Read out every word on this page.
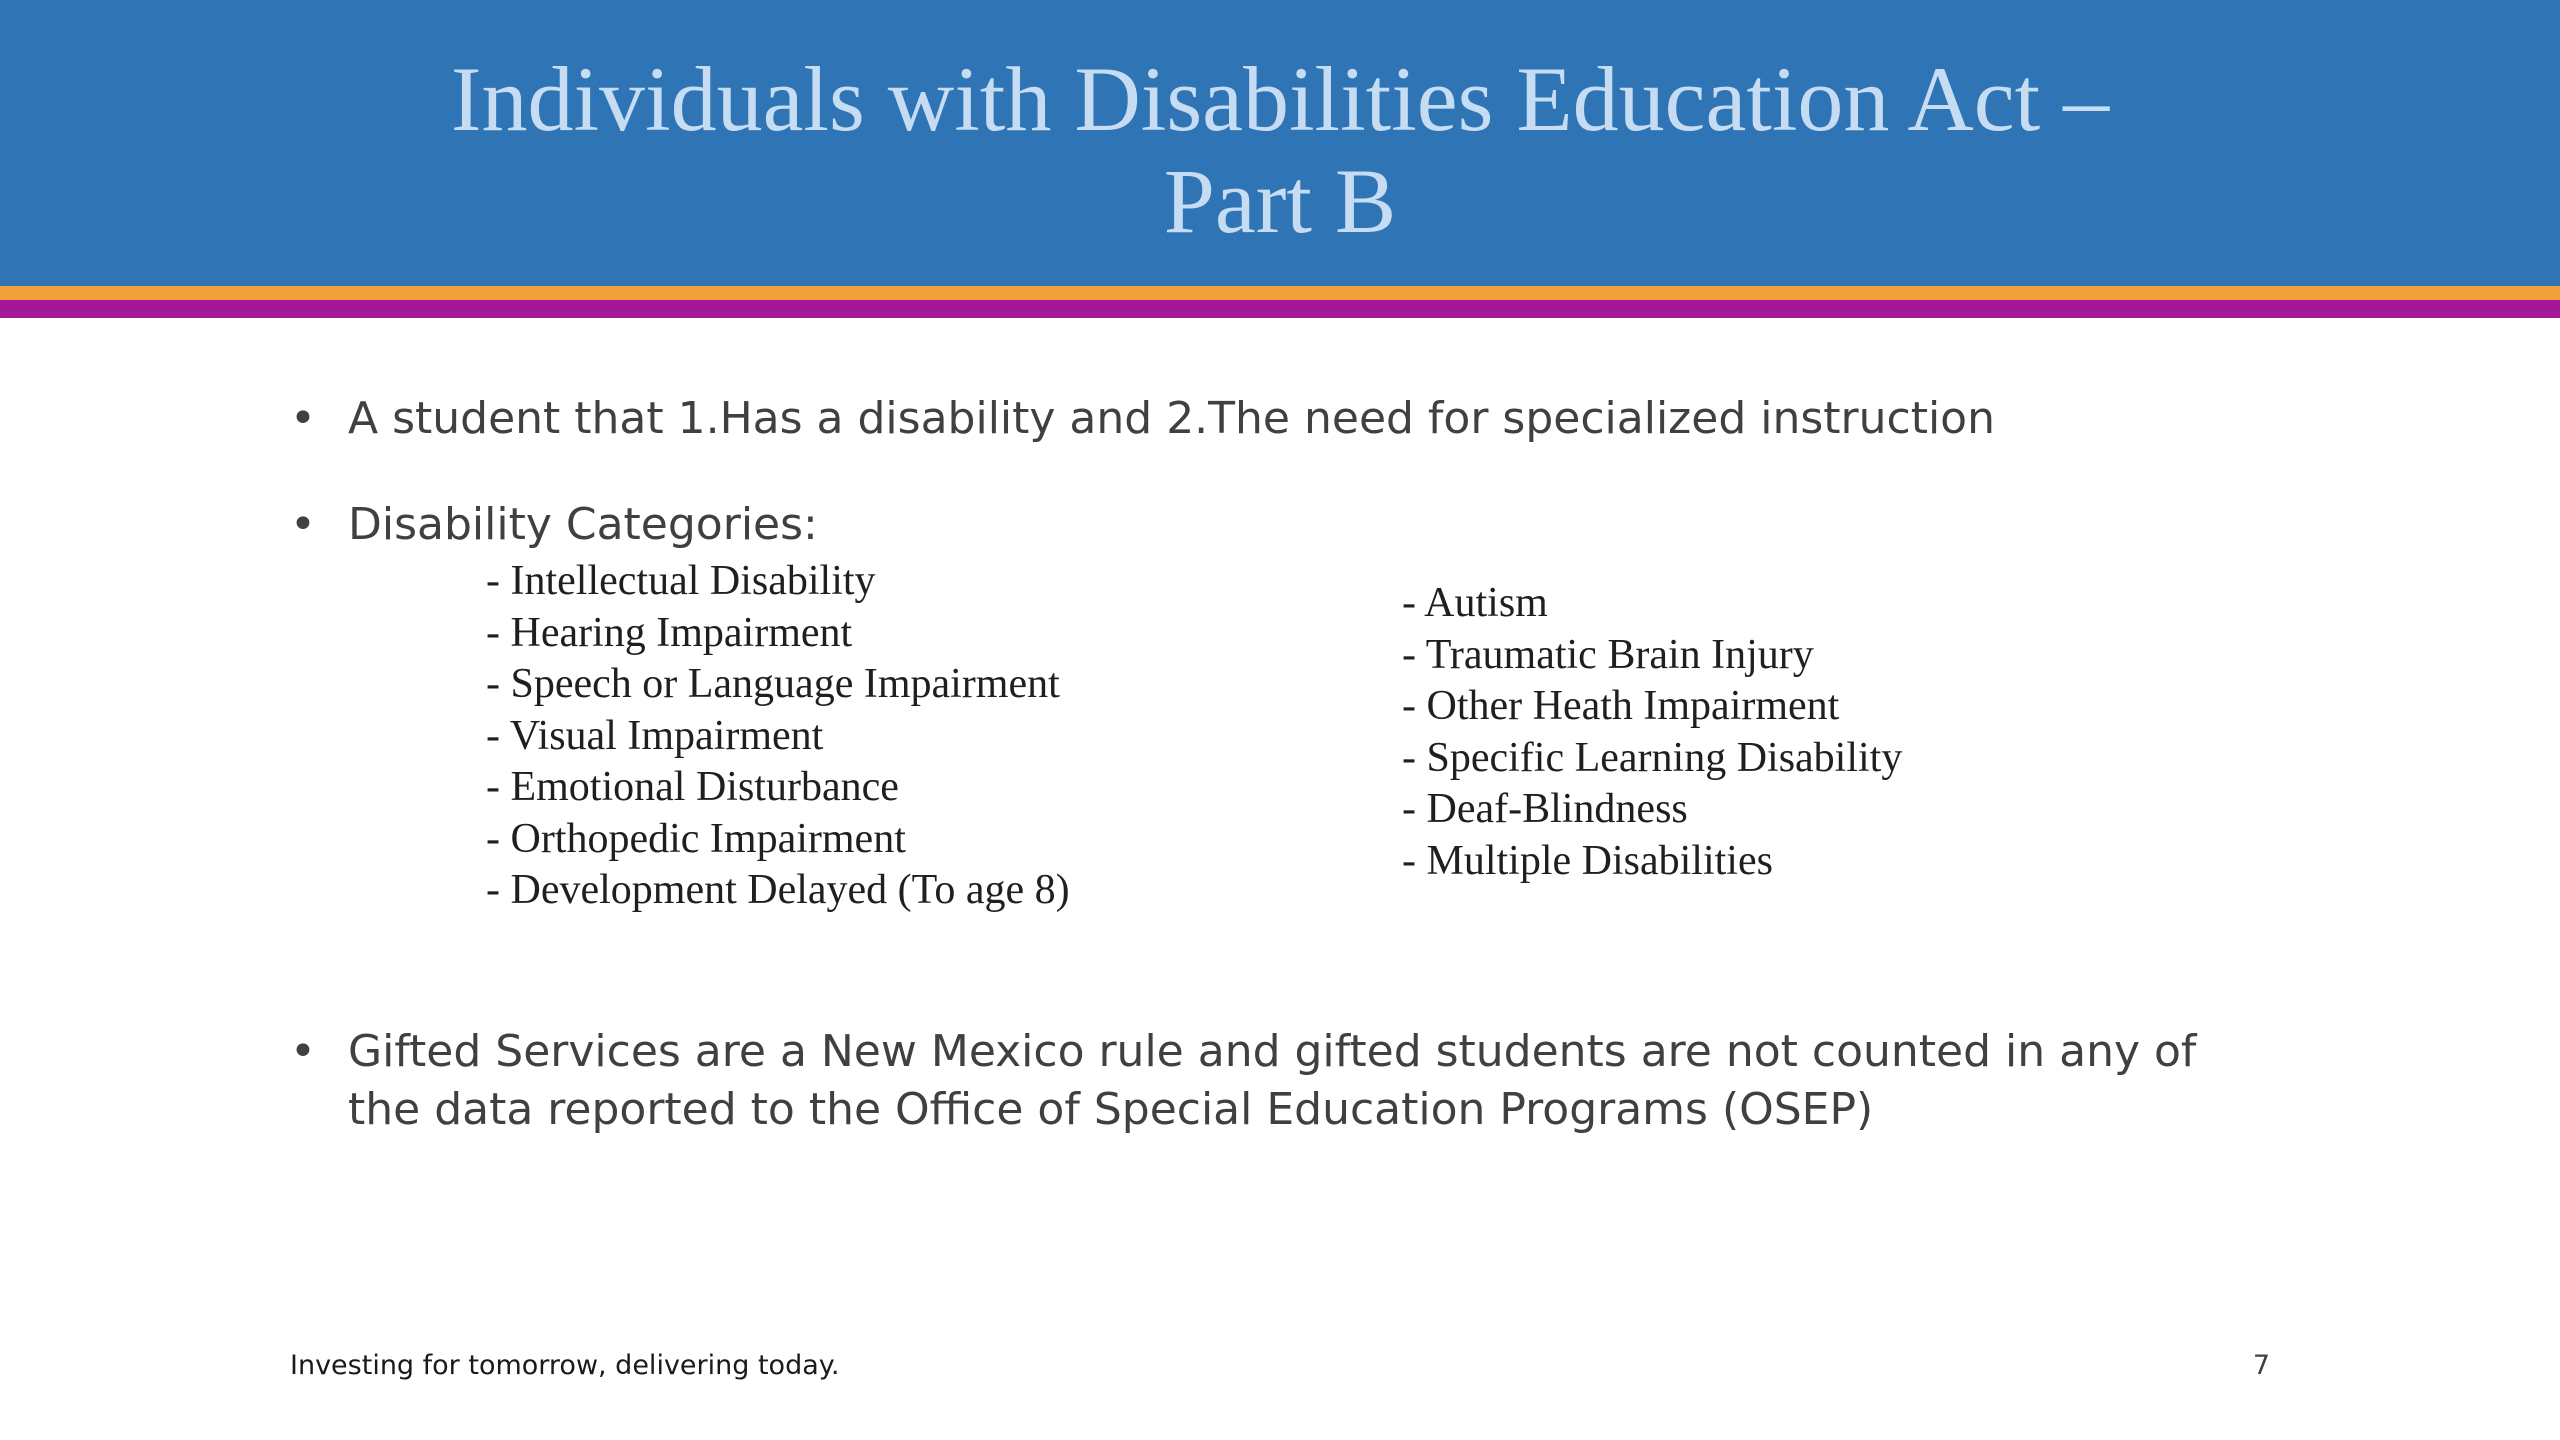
Individuals with Disabilities Education Act –
Part B
• A student that 1.Has a disability and 2.The need for specialized instruction
• Disability Categories:
- Intellectual Disability
- Hearing Impairment
- Speech or Language Impairment
- Visual Impairment
- Emotional Disturbance
- Orthopedic Impairment
- Development Delayed (To age 8)
- Autism
- Traumatic Brain Injury
- Other Heath Impairment
- Specific Learning Disability
- Deaf-Blindness
- Multiple Disabilities
• Gifted Services are a New Mexico rule and gifted students are not counted in any of the data reported to the Office of Special Education Programs (OSEP)
Investing for tomorrow, delivering today.	7
